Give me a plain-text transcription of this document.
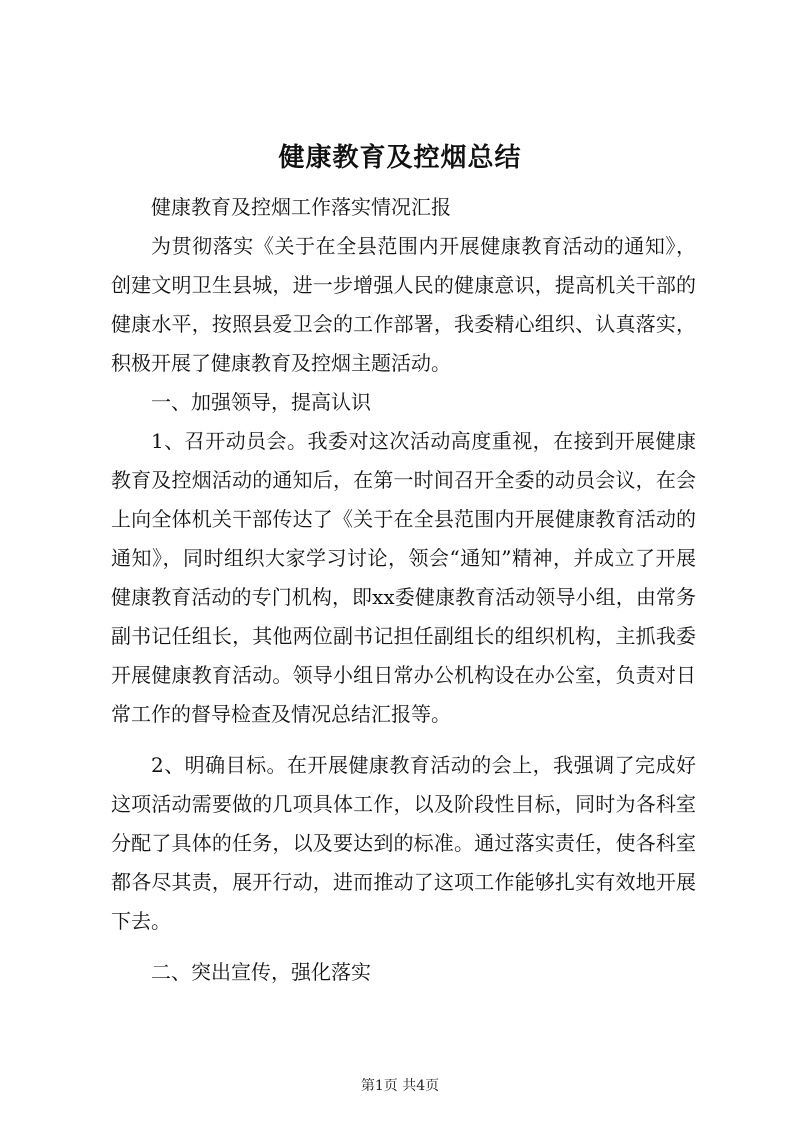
健康教育及控烟总结

健康教育及控烟工作落实情况汇报

为贯彻落实《关于在全县范围内开展健康教育活动的通知》，创建文明卫生县城，进一步增强人民的健康意识，提高机关干部的健康水平，按照县爱卫会的工作部署，我委精心组织、认真落实，积极开展了健康教育及控烟主题活动。

一、加强领导，提高认识

1、召开动员会。我委对这次活动高度重视，在接到开展健康教育及控烟活动的通知后，在第一时间召开全委的动员会议，在会上向全体机关干部传达了《关于在全县范围内开展健康教育活动的通知》，同时组织大家学习讨论，领会“通知”精神，并成立了开展健康教育活动的专门机构，即xx委健康教育活动领导小组，由常务副书记任组长，其他两位副书记担任副组长的组织机构，主抓我委开展健康教育活动。领导小组日常办公机构设在办公室，负责对日常工作的督导检查及情况总结汇报等。

2、明确目标。在开展健康教育活动的会上，我强调了完成好这项活动需要做的几项具体工作，以及阶段性目标，同时为各科室分配了具体的任务，以及要达到的标准。通过落实责任，使各科室都各尽其责，展开行动，进而推动了这项工作能够扎实有效地开展下去。

二、突出宣传，强化落实

第1页 共4页
